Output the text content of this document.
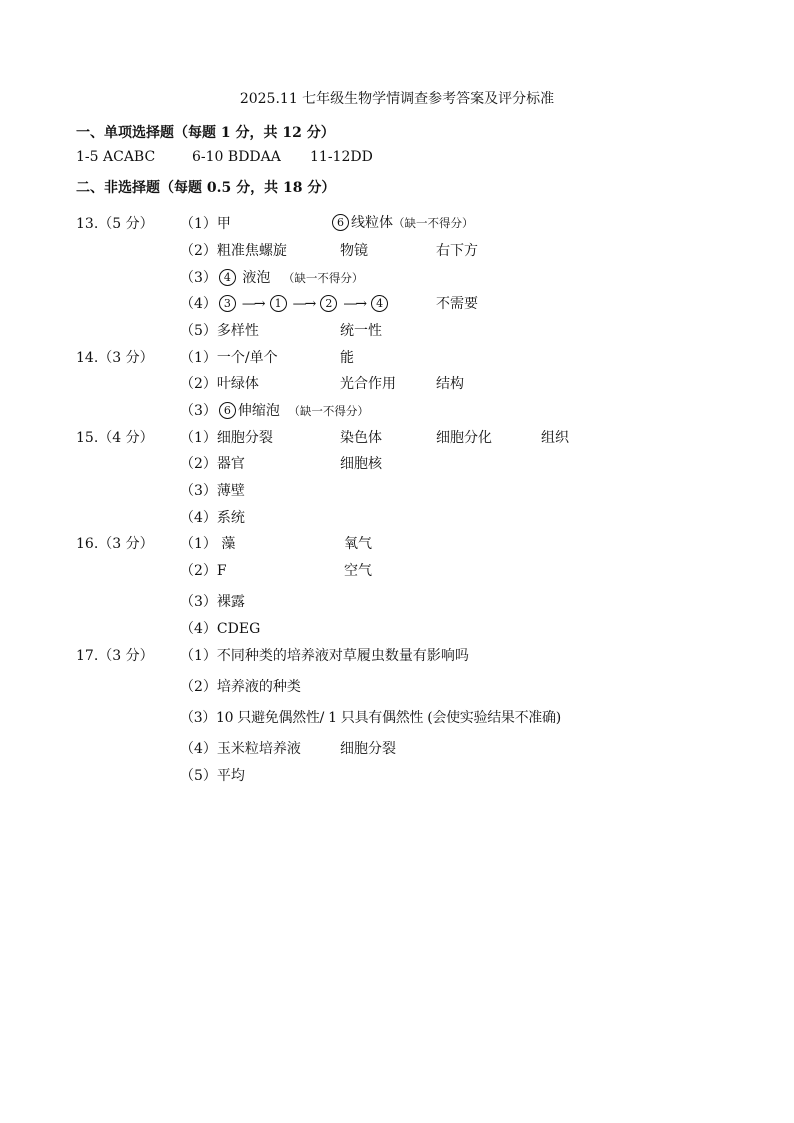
2025.11 七年级生物学情调查参考答案及评分标准
一、单项选择题（每题 1 分，共 12 分）
1-5 ACABC	6-10 BDDAA 11-12DD
二、非选择题（每题 0.5 分，共 18 分）
13.（5 分） （1）甲	6 线粒体（缺一不得分）
（2）粗准焦螺旋	物镜	右下方
（3） 4 液泡 （缺一不得分）
（4） 3 —→ 1 —→ 2 —→ 4	不需要
（5）多样性	统一性
14.（3 分） （1）一个/单个	能
（2）叶绿体	光合作用	结构
（3） 6 伸缩泡 （缺一不得分）
15.（4 分） （1）细胞分裂	染色体	细胞分化	组织
（2）器官	细胞核
（3）薄壁
（4）系统
16.（3 分） （1） 藻	氧气
（2）F	空气
（3）裸露
（4）CDEG
17.（3 分） （1）不同种类的培养液对草履虫数量有影响吗
（2）培养液的种类
（3）10 只避免偶然性/ 1 只具有偶然性 (会使实验结果不准确)
（4）玉米粒培养液	细胞分裂
（5）平均
